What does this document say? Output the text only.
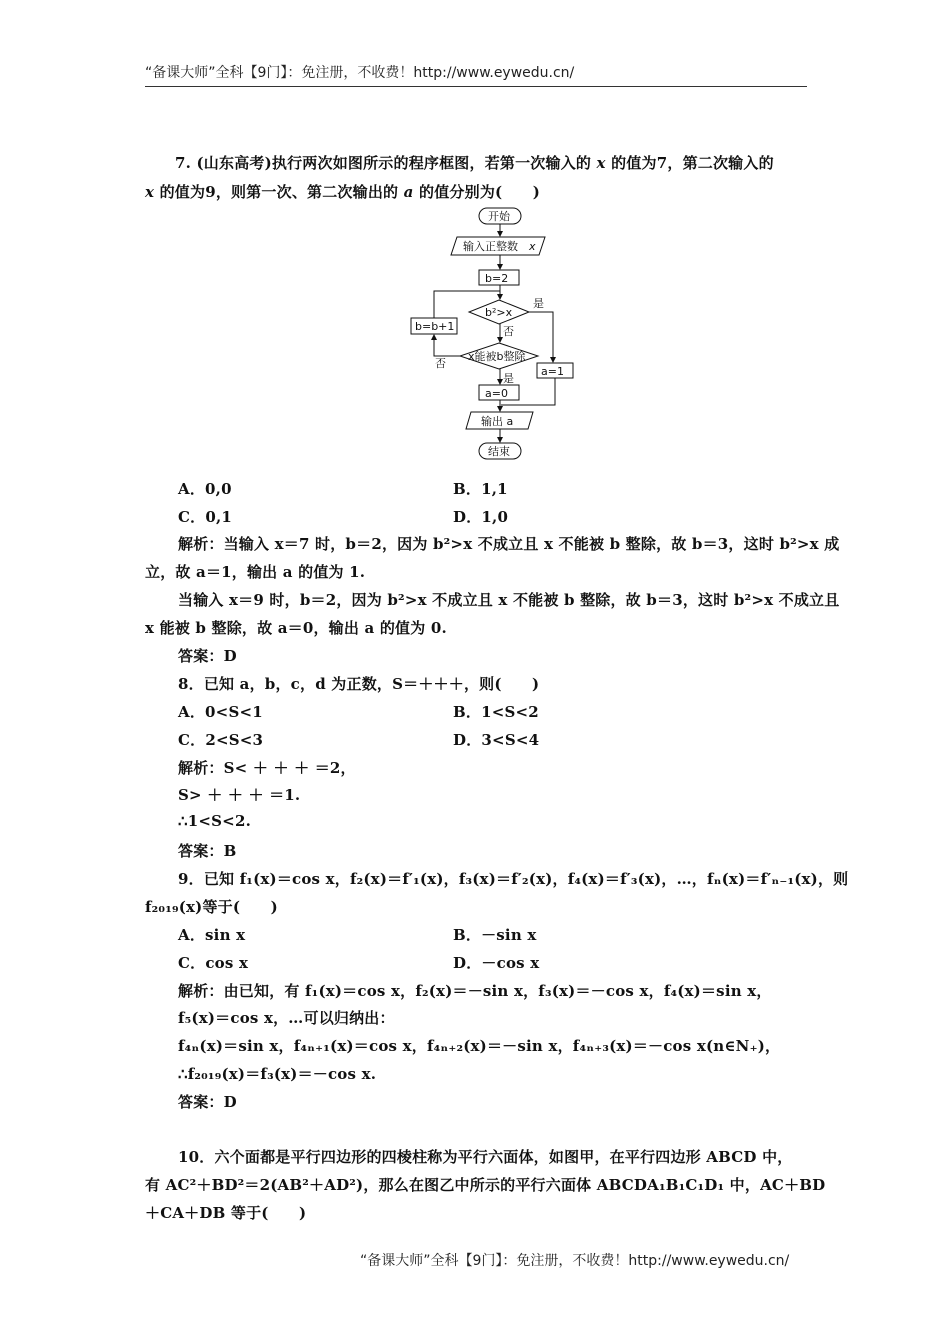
“备课大师”全科【9门】：免注册，不收费！http://www.eywedu.cn/
7. (山东高考)执行两次如图所示的程序框图，若第一次输入的 x 的值为7，第二次输入的
x 的值为9，则第一次、第二次输出的 a 的值分别为(　　)
开始
输入正整数 x
b=2
b²>x
b=b+1
x能被b整除
a=1
a=0
输出 a
结束
是
否
是
否
A．0,0	B．1,1
C．0,1	D．1,0
解析：当输入 x＝7 时，b＝2，因为 b²>x 不成立且 x 不能被 b 整除，故 b＝3，这时 b²>x 成
立，故 a＝1，输出 a 的值为 1.
当输入 x＝9 时，b＝2，因为 b²>x 不成立且 x 不能被 b 整除，故 b＝3，这时 b²>x 不成立且
x 能被 b 整除，故 a＝0，输出 a 的值为 0.
答案：D
8．已知 a，b，c，d 为正数，S＝＋＋＋，则(　　)
A．0<S<1	B．1<S<2
C．2<S<3	D．3<S<4
解析：S< ＋ ＋ ＋ ＝2，
S> ＋ ＋ ＋ ＝1.
∴1<S<2.
答案：B
9．已知 f₁(x)＝cos x，f₂(x)＝f′₁(x)，f₃(x)＝f′₂(x)，f₄(x)＝f′₃(x)，…，fₙ(x)＝f′ₙ₋₁(x)，则
f₂₀₁₉(x)等于(　　)
A．sin x	B．－sin x
C．cos x	D．－cos x
解析：由已知，有 f₁(x)＝cos x，f₂(x)＝－sin x，f₃(x)＝－cos x，f₄(x)＝sin x，
f₅(x)＝cos x，…可以归纳出：
f₄ₙ(x)＝sin x，f₄ₙ₊₁(x)＝cos x，f₄ₙ₊₂(x)＝－sin x，f₄ₙ₊₃(x)＝－cos x(n∈N₊)，
∴f₂₀₁₉(x)＝f₃(x)＝－cos x.
答案：D
10．六个面都是平行四边形的四棱柱称为平行六面体，如图甲，在平行四边形 ABCD 中，
有 AC²＋BD²＝2(AB²＋AD²)，那么在图乙中所示的平行六面体 ABCDA₁B₁C₁D₁ 中，AC＋BD
＋CA＋DB 等于(　　)
“备课大师”全科【9门】：免注册，不收费！http://www.eywedu.cn/
